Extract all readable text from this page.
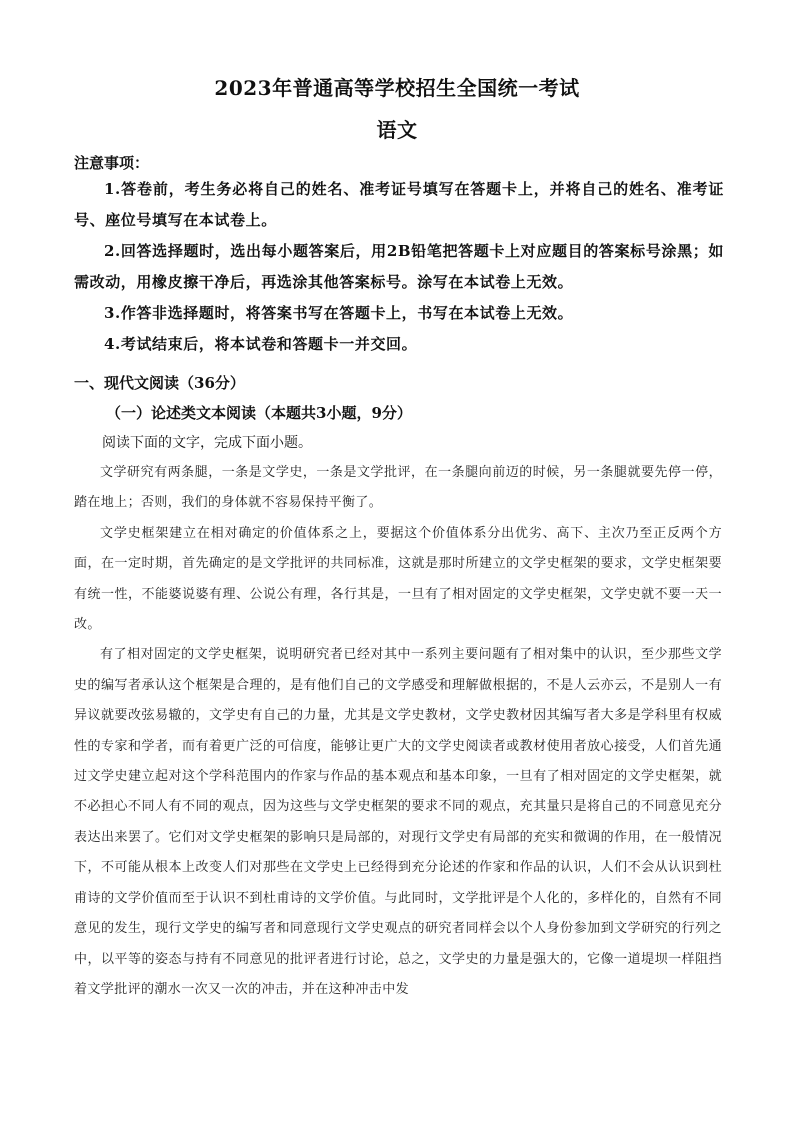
2023年普通高等学校招生全国统一考试
语文
注意事项：

1.答卷前，考生务必将自己的姓名、准考证号填写在答题卡上，并将自己的姓名、准考证号、座位号填写在本试卷上。

2.回答选择题时，选出每小题答案后，用2B铅笔把答题卡上对应题目的答案标号涂黑；如需改动，用橡皮擦干净后，再选涂其他答案标号。涂写在本试卷上无效。

3.作答非选择题时，将答案书写在答题卡上，书写在本试卷上无效。

4.考试结束后，将本试卷和答题卡一并交回。

一、现代文阅读（36分）
（一）论述类文本阅读（本题共3小题，9分）
阅读下面的文字，完成下面小题。

文学研究有两条腿，一条是文学史，一条是文学批评，在一条腿向前迈的时候，另一条腿就要先停一停，踏在地上；否则，我们的身体就不容易保持平衡了。

文学史框架建立在相对确定的价值体系之上，要据这个价值体系分出优劣、高下、主次乃至正反两个方面，在一定时期，首先确定的是文学批评的共同标准，这就是那时所建立的文学史框架的要求，文学史框架要有统一性，不能婆说婆有理、公说公有理，各行其是，一旦有了相对固定的文学史框架，文学史就不要一天一改。

有了相对固定的文学史框架，说明研究者已经对其中一系列主要问题有了相对集中的认识，至少那些文学史的编写者承认这个框架是合理的，是有他们自己的文学感受和理解做根据的，不是人云亦云，不是别人一有异议就要改弦易辙的，文学史有自己的力量，尤其是文学史教材，文学史教材因其编写者大多是学科里有权威性的专家和学者，而有着更广泛的可信度，能够让更广大的文学史阅读者或教材使用者放心接受，人们首先通过文学史建立起对这个学科范围内的作家与作品的基本观点和基本印象，一旦有了相对固定的文学史框架，就不必担心不同人有不同的观点，因为这些与文学史框架的要求不同的观点，充其量只是将自己的不同意见充分表达出来罢了。它们对文学史框架的影响只是局部的，对现行文学史有局部的充实和微调的作用，在一般情况下，不可能从根本上改变人们对那些在文学史上已经得到充分论述的作家和作品的认识，人们不会从认识到杜甫诗的文学价值而至于认识不到杜甫诗的文学价值。与此同时，文学批评是个人化的，多样化的，自然有不同意见的发生，现行文学史的编写者和同意现行文学史观点的研究者同样会以个人身份参加到文学研究的行列之中，以平等的姿态与持有不同意见的批评者进行讨论，总之，文学史的力量是强大的，它像一道堤坝一样阻挡着文学批评的潮水一次又一次的冲击，并在这种冲击中发
